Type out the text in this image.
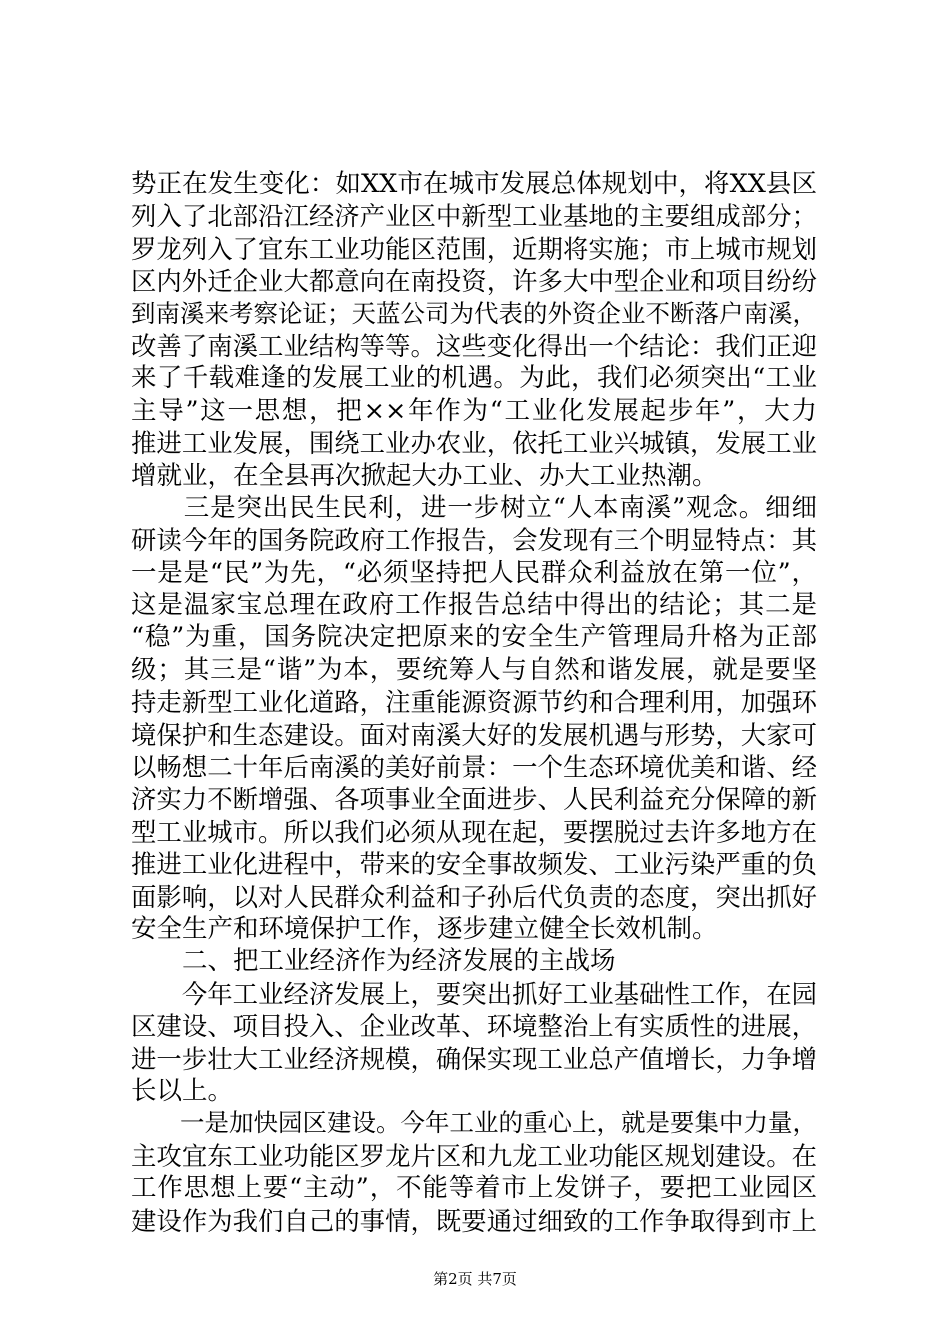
势正在发生变化：如XX市在城市发展总体规划中，将XX县区
列入了北部沿江经济产业区中新型工业基地的主要组成部分；
罗龙列入了宜东工业功能区范围，近期将实施；市上城市规划
区内外迁企业大都意向在南投资，许多大中型企业和项目纷纷
到南溪来考察论证；天蓝公司为代表的外资企业不断落户南溪，
改善了南溪工业结构等等。这些变化得出一个结论：我们正迎
来了千载难逢的发展工业的机遇。为此，我们必须突出“工业
主导”这一思想，把××年作为“工业化发展起步年”，大力
推进工业发展，围绕工业办农业，依托工业兴城镇，发展工业
增就业，在全县再次掀起大办工业、办大工业热潮。
　　三是突出民生民利，进一步树立“人本南溪”观念。细细
研读今年的国务院政府工作报告，会发现有三个明显特点：其
一是是“民”为先，“必须坚持把人民群众利益放在第一位”，
这是温家宝总理在政府工作报告总结中得出的结论；其二是
“稳”为重，国务院决定把原来的安全生产管理局升格为正部
级；其三是“谐”为本，要统筹人与自然和谐发展，就是要坚
持走新型工业化道路，注重能源资源节约和合理利用，加强环
境保护和生态建设。面对南溪大好的发展机遇与形势，大家可
以畅想二十年后南溪的美好前景：一个生态环境优美和谐、经
济实力不断增强、各项事业全面进步、人民利益充分保障的新
型工业城市。所以我们必须从现在起，要摆脱过去许多地方在
推进工业化进程中，带来的安全事故频发、工业污染严重的负
面影响，以对人民群众利益和子孙后代负责的态度，突出抓好
安全生产和环境保护工作，逐步建立健全长效机制。
　　二、把工业经济作为经济发展的主战场
　　今年工业经济发展上，要突出抓好工业基础性工作，在园
区建设、项目投入、企业改革、环境整治上有实质性的进展，
进一步壮大工业经济规模，确保实现工业总产值增长，力争增
长以上。
　　一是加快园区建设。今年工业的重心上，就是要集中力量，
主攻宜东工业功能区罗龙片区和九龙工业功能区规划建设。在
工作思想上要“主动”，不能等着市上发饼子，要把工业园区
建设作为我们自己的事情，既要通过细致的工作争取得到市上
第2页 共7页
